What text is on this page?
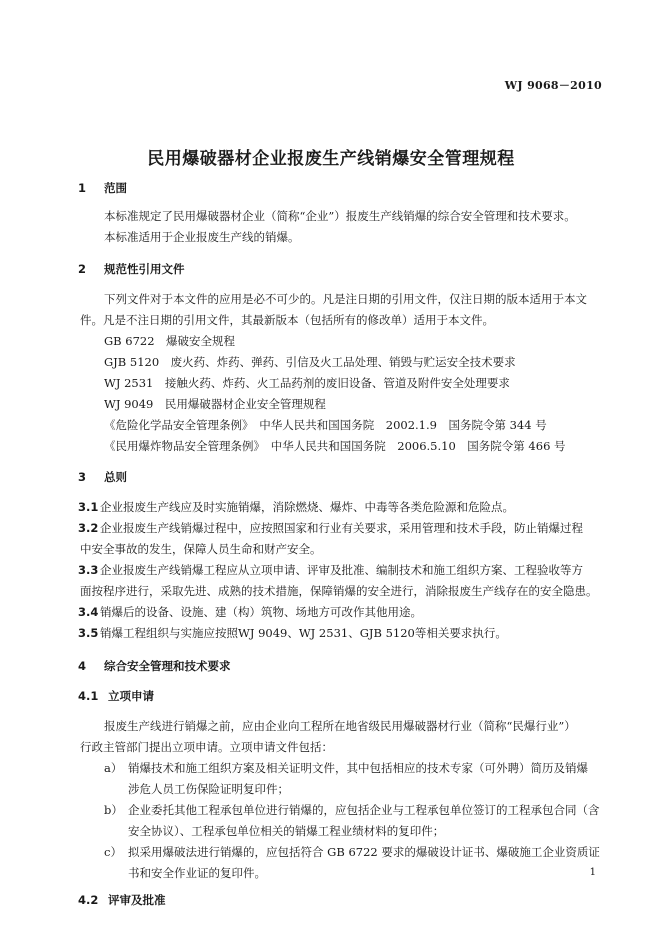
WJ 9068－2010
民用爆破器材企业报废生产线销爆安全管理规程
1 范围
本标准规定了民用爆破器材企业（简称“企业”）报废生产线销爆的综合安全管理和技术要求。
本标准适用于企业报废生产线的销爆。
2 规范性引用文件
下列文件对于本文件的应用是必不可少的。凡是注日期的引用文件，仅注日期的版本适用于本文
件。凡是不注日期的引用文件，其最新版本（包括所有的修改单）适用于本文件。
GB 6722　爆破安全规程
GJB 5120　废火药、炸药、弹药、引信及火工品处理、销毁与贮运安全技术要求
WJ 2531　接触火药、炸药、火工品药剂的废旧设备、管道及附件安全处理要求
WJ 9049　民用爆破器材企业安全管理规程
《危险化学品安全管理条例》　中华人民共和国国务院　2002.1.9　国务院令第 344 号
《民用爆炸物品安全管理条例》　中华人民共和国国务院　2006.5.10　国务院令第 466 号
3 总则
3.1 企业报废生产线应及时实施销爆，消除燃烧、爆炸、中毒等各类危险源和危险点。
3.2 企业报废生产线销爆过程中，应按照国家和行业有关要求，采用管理和技术手段，防止销爆过程
中安全事故的发生，保障人员生命和财产安全。
3.3 企业报废生产线销爆工程应从立项申请、评审及批准、编制技术和施工组织方案、工程验收等方
面按程序进行，采取先进、成熟的技术措施，保障销爆的安全进行，消除报废生产线存在的安全隐患。
3.4 销爆后的设备、设施、建（构）筑物、场地方可改作其他用途。
3.5 销爆工程组织与实施应按照WJ 9049、WJ 2531、GJB 5120等相关要求执行。
4 综合安全管理和技术要求
4.1 立项申请
报废生产线进行销爆之前，应由企业向工程所在地省级民用爆破器材行业（简称“民爆行业”）
行政主管部门提出立项申请。立项申请文件包括：
a） 销爆技术和施工组织方案及相关证明文件，其中包括相应的技术专家（可外聘）简历及销爆
涉危人员工伤保险证明复印件；
b） 企业委托其他工程承包单位进行销爆的，应包括企业与工程承包单位签订的工程承包合同（含
安全协议）、工程承包单位相关的销爆工程业绩材料的复印件；
c） 拟采用爆破法进行销爆的，应包括符合 GB 6722 要求的爆破设计证书、爆破施工企业资质证
书和安全作业证的复印件。
4.2 评审及批准
1
